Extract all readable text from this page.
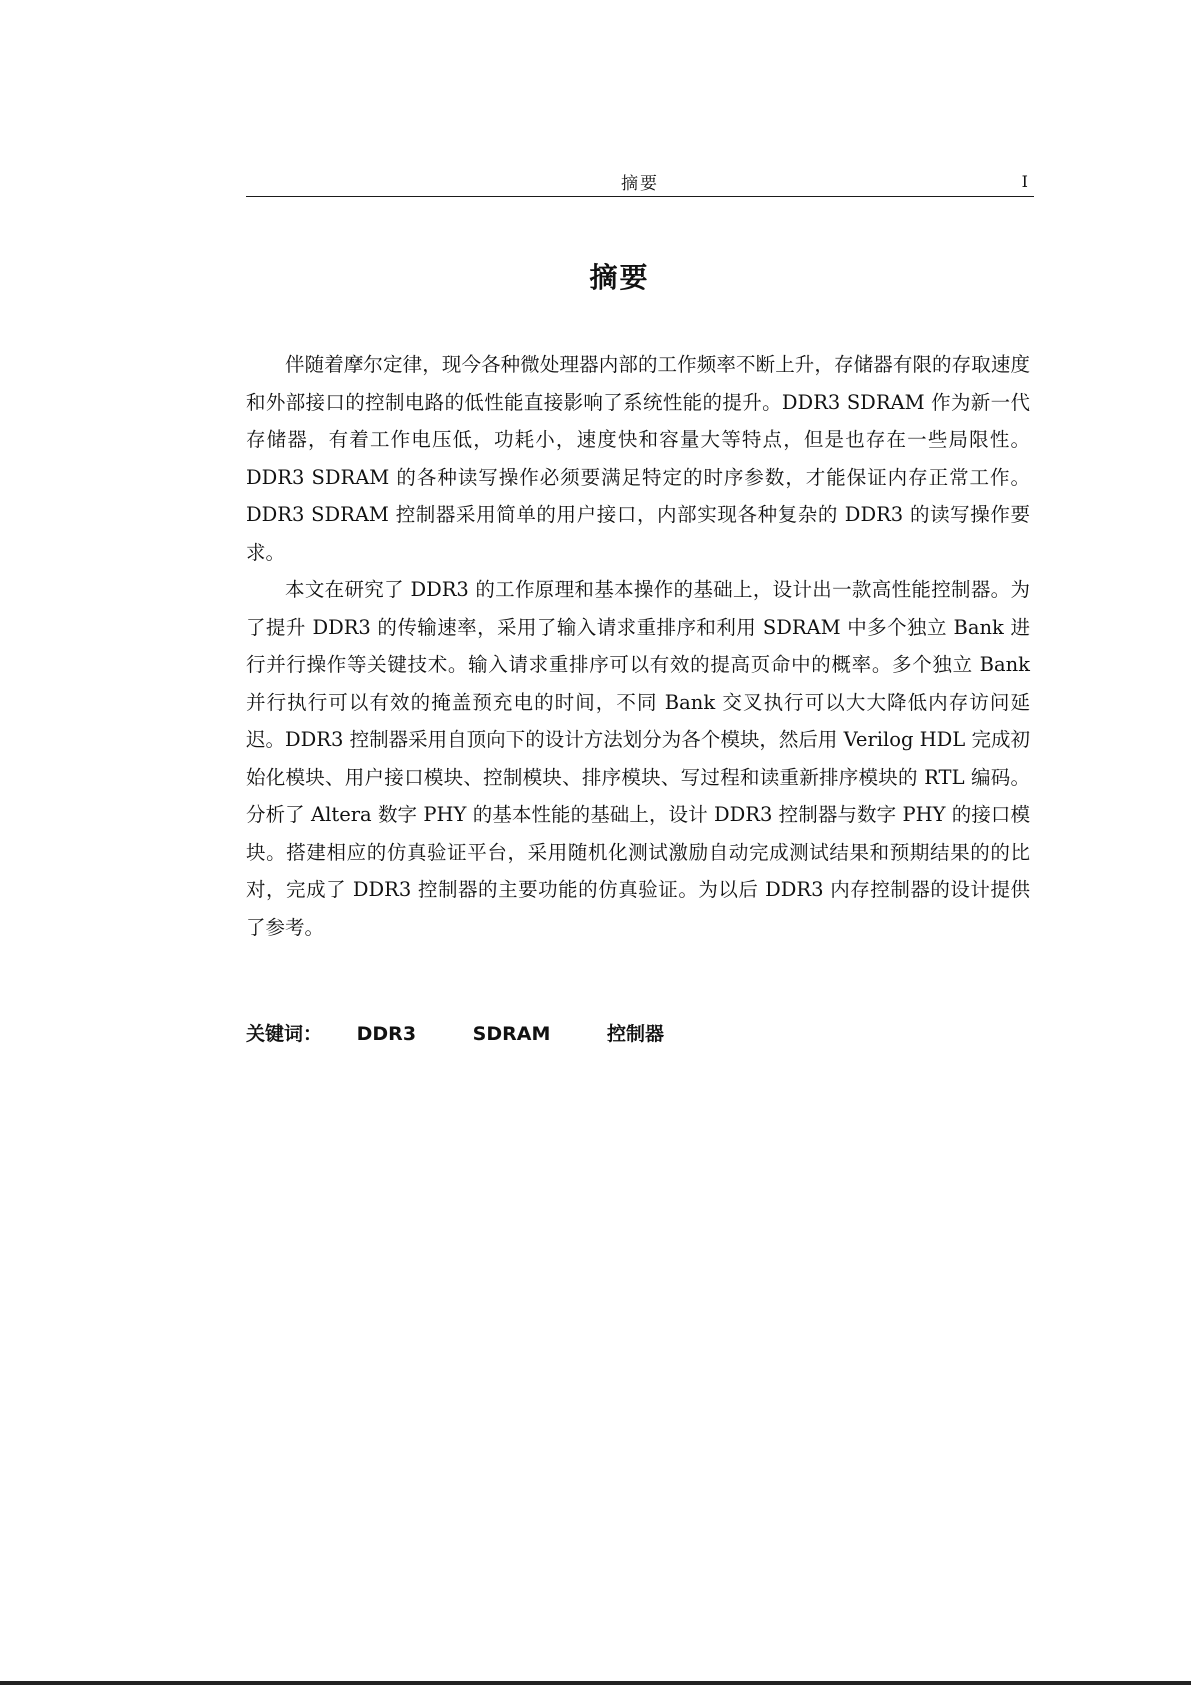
摘要	I
摘要

伴随着摩尔定律，现今各种微处理器内部的工作频率不断上升，存储器有限的存取速度和外部接口的控制电路的低性能直接影响了系统性能的提升。DDR3 SDRAM 作为新一代存储器，有着工作电压低，功耗小，速度快和容量大等特点，但是也存在一些局限性。DDR3 SDRAM 的各种读写操作必须要满足特定的时序参数，才能保证内存正常工作。DDR3 SDRAM 控制器采用简单的用户接口，内部实现各种复杂的 DDR3 的读写操作要求。

本文在研究了 DDR3 的工作原理和基本操作的基础上，设计出一款高性能控制器。为了提升 DDR3 的传输速率，采用了输入请求重排序和利用 SDRAM 中多个独立 Bank 进行并行操作等关键技术。输入请求重排序可以有效的提高页命中的概率。多个独立 Bank 并行执行可以有效的掩盖预充电的时间，不同 Bank 交叉执行可以大大降低内存访问延迟。DDR3 控制器采用自顶向下的设计方法划分为各个模块，然后用 Verilog HDL 完成初始化模块、用户接口模块、控制模块、排序模块、写过程和读重新排序模块的 RTL 编码。分析了 Altera 数字 PHY 的基本性能的基础上，设计 DDR3 控制器与数字 PHY 的接口模块。搭建相应的仿真验证平台，采用随机化测试激励自动完成测试结果和预期结果的的比对，完成了 DDR3 控制器的主要功能的仿真验证。为以后 DDR3 内存控制器的设计提供了参考。

关键词： DDR3	SDRAM	控制器
